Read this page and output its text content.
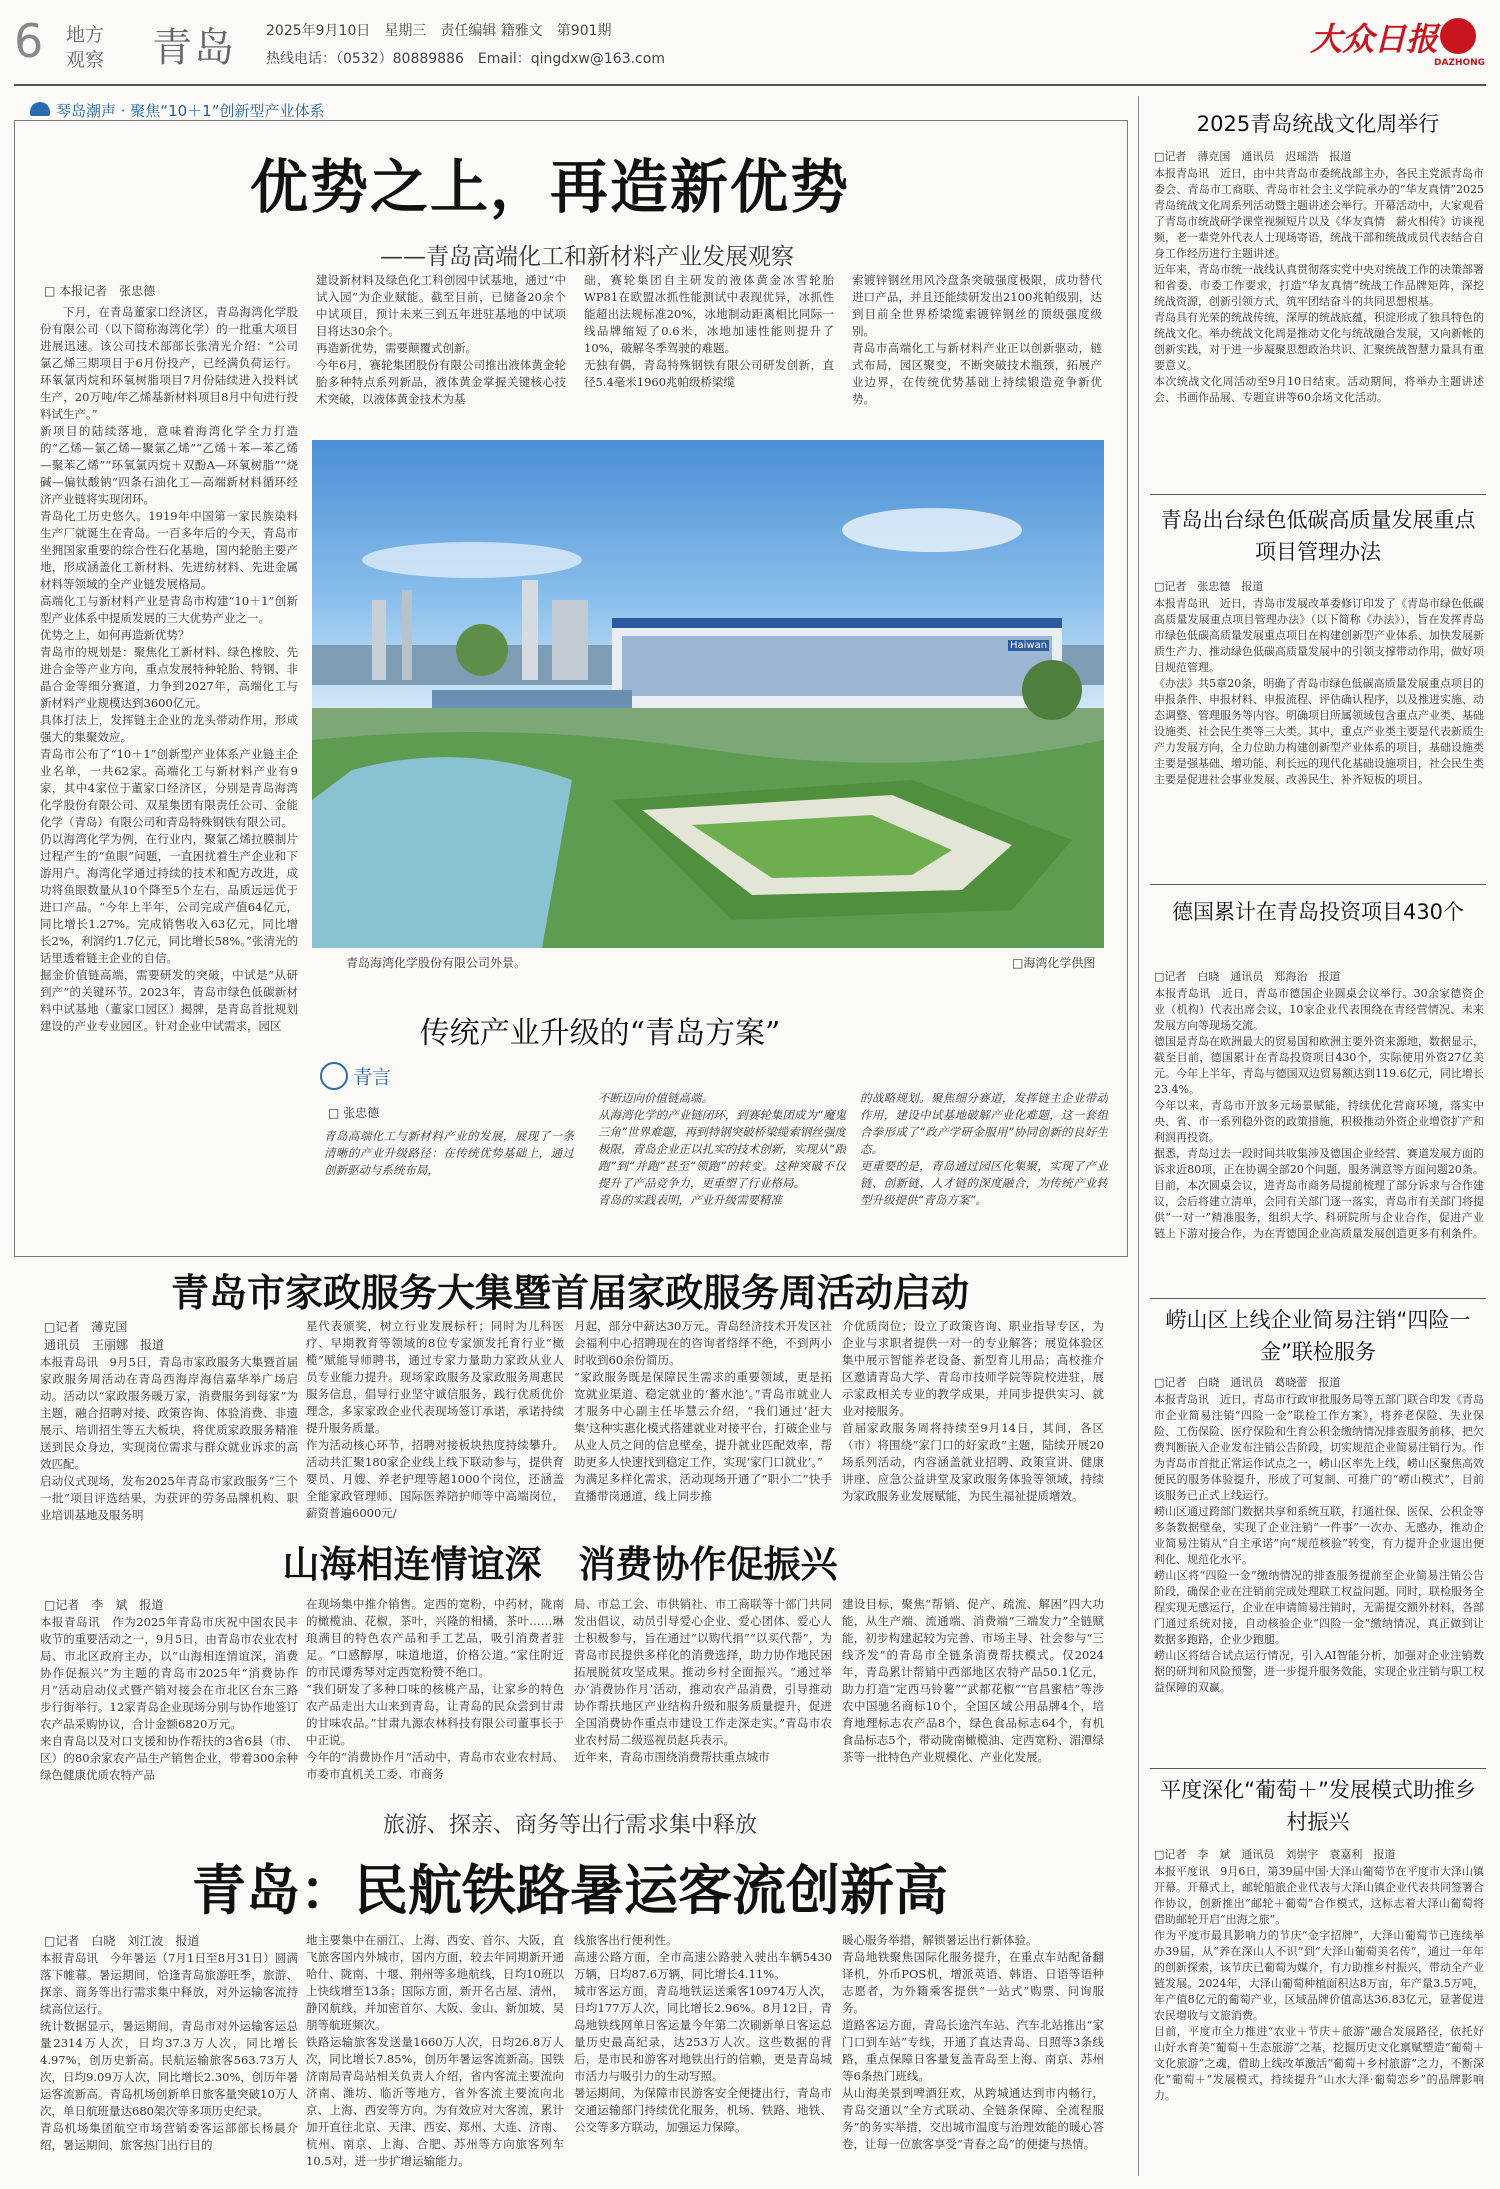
6 地方
观察 青岛 2025年9月10日　星期三　责任编辑 籍雅文　第901期
热线电话：（0532）80889886　Email：qingdxw@163.com
大众日报
DAZHONG
琴岛潮声 · 聚焦“10＋1”创新型产业体系
优势之上，再造新优势
——青岛高端化工和新材料产业发展观察
□ 本报记者　张忠德
下月，在青岛董家口经济区，青岛海湾化学股份有限公司（以下简称海湾化学）的一批重大项目进展迅速。该公司技术部部长张清光介绍：“公司氯乙烯三期项目于6月份投产，已经满负荷运行。环氧氯丙烷和环氧树脂项目7月份陆续进入投料试生产，20万吨/年乙烯基新材料项目8月中旬进行投料试生产。”
新项目的陆续落地，意味着海湾化学全力打造的“乙烯—氯乙烯—聚氯乙烯”“乙烯＋苯—苯乙烯—聚苯乙烯”“环氧氯丙烷＋双酚A—环氧树脂”“烧碱—偏钛酸钠”四条石油化工—高端新材料循环经济产业链将实现闭环。
青岛化工历史悠久。1919年中国第一家民族染料生产厂就诞生在青岛。一百多年后的今天，青岛市坐拥国家重要的综合性石化基地，国内轮胎主要产地，形成涵盖化工新材料、先进纺材料、先进金属材料等领域的全产业链发展格局。
高端化工与新材料产业是青岛市构建“10＋1”创新型产业体系中提质发展的三大优势产业之一。
优势之上，如何再造新优势？
青岛市的规划是：聚焦化工新材料、绿色橡胶、先进合金等产业方向，重点发展特种轮胎、特钢、非晶合金等细分赛道，力争到2027年，高端化工与新材料产业规模达到3600亿元。
具体打法上，发挥链主企业的龙头带动作用，形成强大的集聚效应。
青岛市公布了“10＋1”创新型产业体系产业链主企业名单，一共62家。高端化工与新材料产业有9家，其中4家位于董家口经济区，分别是青岛海湾化学股份有限公司、双星集团有限责任公司、金能化学（青岛）有限公司和青岛特殊钢铁有限公司。
仍以海湾化学为例，在行业内，聚氯乙烯拉膜制片过程产生的“鱼眼”问题，一直困扰着生产企业和下游用户。海湾化学通过持续的技术和配方改进，成功将鱼眼数量从10个降至5个左右，品质远远优于进口产品。“今年上半年，公司完成产值64亿元，同比增长1.27%。完成销售收入63亿元，同比增长2%，利润约1.7亿元，同比增长58%。”张清光的话里透着链主企业的自信。
掘金价值链高端，需要研发的突破，中试是“从研到产”的关键环节。2023年，青岛市绿色低碳新材料中试基地（董家口园区）揭牌，是青岛首批规划建设的产业专业园区。针对企业中试需求，园区
建设新材料及绿色化工科创园中试基地，通过“中试入园”为企业赋能。截至目前，已储备20余个中试项目，预计未来三到五年进驻基地的中试项目将达30余个。
再造新优势，需要颠覆式创新。
今年6月，赛轮集团股份有限公司推出液体黄金轮胎多种特点系列新品，液体黄金掌握关键核心技术突破，以液体黄金技术为基
础，赛轮集团自主研发的液体黄金冰雪轮胎WP81在欧盟冰抓性能测试中表现优异，冰抓性能超出法规标准20%，冰地制动距离相比同际一线品牌缩短了0.6米，冰地加速性能则提升了10%，破解冬季驾驶的难题。
无独有偶，青岛特殊钢铁有限公司研发创新，直径5.4毫米1960兆帕级桥梁缆
索镀锌钢丝用风冷盘条突破强度极限，成功替代进口产品，并且还能续研发出2100兆帕级别，达到目前全世界桥梁缆索镀锌钢丝的顶级强度级别。
青岛市高端化工与新材料产业正以创新驱动，链式布局，园区聚变，不断突破技术瓶颈，拓展产业边界，在传统优势基础上持续锻造竞争新优势。
Haiwan
青岛海湾化学股份有限公司外景。	□海湾化学供图
传统产业升级的“青岛方案”
青言
□ 张忠德
青岛高端化工与新材料产业的发展，展现了一条清晰的产业升级路径：在传统优势基础上，通过创新驱动与系统布局，
不断迈向价值链高端。
从海湾化学的产业链闭环，到赛轮集团成为“魔鬼三角”世界难题，再到特钢突破桥梁缆索钢丝强度极限，青岛企业正以扎实的技术创新，实现从“跟跑”到“并跑”甚至“领跑”的转变。这种突破不仅提升了产品竞争力，更重塑了行业格局。
青岛的实践表明，产业升级需要精准
的战略规划。聚焦细分赛道，发挥链主企业带动作用，建设中试基地破解产业化难题，这一套组合拳形成了“政产学研金服用”协同创新的良好生态。
更重要的是，青岛通过园区化集聚，实现了产业链、创新链、人才链的深度融合，为传统产业转型升级提供“青岛方案”。
青岛市家政服务大集暨首届家政服务周活动启动
□记者　薄克国
通讯员　王丽娜　报道
本报青岛讯　9月5日，青岛市家政服务大集暨首届家政服务周活动在青岛西海岸海信嘉华举广场启动。活动以“家政服务暖万家，消费服务到每家”为主题，融合招聘对接、政策咨询、体验消费、非遗展示、培训招生等五大板块，将优质家政服务精准送到民众身边，实现岗位需求与群众就业诉求的高效匹配。
启动仪式现场，发布2025年青岛市家政服务“三个一批”项目评选结果，为获评的劳务品牌机构、职业培训基地及服务明
星代表颁奖，树立行业发展标杆；同时为儿科医疗、早期教育等领域的8位专家颁发托育行业“橄榄”赋能导师聘书，通过专家力量助力家政从业人员专业能力提升。现场家政服务及家政服务周惠民服务信息，倡导行业坚守诚信服务，践行优质优价理念，多家家政企业代表现场签订承诺，承诺持续提升服务质量。
作为活动核心环节，招聘对接板块热度持续攀升。活动共汇聚180家企业线上线下联动参与，提供育婴员、月嫂、养老护理等超1000个岗位，还涵盖全能家政管理师、国际医养陪护师等中高端岗位，薪资普遍6000元/
月起，部分中薪达30万元。青岛经济技术开发区社会福利中心招聘现在的咨询者络绎不绝，不到两小时收到60余份简历。
“家政服务既是保障民生需求的重要领域，更是拓宽就业渠道、稳定就业的‘蓄水池’。”青岛市就业人才服务中心副主任毕慧云介绍，“我们通过‘赶大集’这种实惠化模式搭建就业对接平台，打破企业与从业人员之间的信息壁垒，提升就业匹配效率，帮助更多人快速找到稳定工作，实现‘家门口就业’。”
为满足多样化需求，活动现场开通了“职小二”快手直播带岗通道，线上同步推
介优质岗位；设立了政策咨询、职业指导专区，为企业与求职者提供一对一的专业解答；展览体验区集中展示智能养老设备、新型育儿用品；高校推介区邀请青岛大学、青岛市技师学院等院校进驻，展示家政相关专业的教学成果，并同步提供实习、就业对接服务。
首届家政服务周将持续至9月14日，其间，各区（市）将围绕“家门口的好家政”主题，陆续开展20场系列活动，内容涵盖就业招聘、政策宣讲、健康讲座、应急公益讲堂及家政服务体验等领域，持续为家政服务业发展赋能，为民生福祉提质增效。
山海相连情谊深　消费协作促振兴
□记者　李　斌　报道
本报青岛讯　作为2025年青岛市庆祝中国农民丰收节的重要活动之一，9月5日，由青岛市农业农村局、市北区政府主办，以“山海相连情谊深，消费协作促振兴”为主题的青岛市2025年“消费协作月”活动启动仪式暨产销对接会在市北区台东三路步行街举行。12家青岛企业现场分别与协作地签订农产品采购协议，合计金额6820万元。
来自青岛以及对口支援和协作帮扶的3省6县（市、区）的80余家农产品生产销售企业，带着300余种绿色健康优质农特产品
在现场集中推介销售。定西的宽粉，中药材，陇南的橄榄油、花椒，茶叶，兴隆的相橘，茶叶……琳琅满目的特色农产品和手工艺品，吸引消费者驻足。“口感醇厚，味道地道，价格公道。”家住附近的市民谭秀琴对定西宽粉赞不绝口。
“我们研发了多种口味的核桃产品，让家乡的特色农产品走出大山来到青岛，让青岛的民众尝到甘肃的甘味农品。”甘肃九源农林科技有限公司董事长于中正说。
今年的“消费协作月”活动中，青岛市农业农村局、市委市直机关工委、市商务
局、市总工会、市供销社、市工商联等十部门共同发出倡议，动员引导爱心企业、爱心团体、爱心人士积极参与，旨在通过“以购代捐”“以买代帮”，为青岛市民提供多样化的消费选择，助力协作地民困拓展脱贫攻坚成果。推动乡村全面振兴。“通过举办‘消费协作月’活动，推动农产品消费，引导推动协作帮扶地区产业结构升级和服务质量提升，促进全国消费协作重点市建设工作走深走实。”青岛市农业农村局二级巡视员赵兵表示。
近年来，青岛市围绕消费帮扶重点城市
建设目标，聚焦“帮销、促产、疏流、解困”四大功能，从生产端、流通端、消费端“三端发力”全链赋能，初步构建起较为完善、市场主导、社会参与“三线齐发”的青岛市全链条消费帮扶模式。仅2024年，青岛累计帮销中西部地区农特产品50.1亿元，助力打造“定西马铃薯”“武都花椒”“官昌蜜桔”等涉农中国驰名商标10个，全国区域公用品牌4个，培育地理标志农产品8个，绿色食品标志64个，有机食品标志5个，带动陇南橄榄油、定西宽粉、湄潭绿茶等一批特色产业规模化、产业化发展。
旅游、探亲、商务等出行需求集中释放
青岛：民航铁路暑运客流创新高
□记者　白晓　刘江波　报道
本报青岛讯　今年暑运（7月1日至8月31日）圆满落下帷幕。暑运期间，恰逢青岛旅游旺季，旅游、探亲、商务等出行需求集中释放，对外运输客流持续高位运行。
统计数据显示，暑运期间，青岛市对外运输客运总量2314万人次，日均37.3万人次，同比增长4.97%，创历史新高。民航运输旅客563.73万人次，日均9.09万人次，同比增长2.30%，创历年暑运客流新高。青岛机场创新单日旅客量突破10万人次，单日航班量达680架次等多项历史纪录。
青岛机场集团航空市场营销委客运部部长杨晨介绍，暑运期间，旅客热门出行目的
地主要集中在丽江、上海、西安、首尔、大阪，直飞旅客国内外城市，国内方面，较去年同期新开通哈什、陇南、十堰、荆州等多地航线，日均10班以上快线增至13条；国际方面，新开名古屋、清州，静冈航线，并加密首尔、大阪、金山、新加坡、吴朋等航班频次。
铁路运输旅客发送量1660万人次，日均26.8万人次，同比增长7.85%，创历年暑运客流新高。国铁济南局青岛站相关负责人介绍，省内客流主要流向济南、潍坊、临沂等地方，省外客流主要流向北京、上海、西安等方向。为有效应对大客流，累计加开直往北京、天津、西安、郑州、大连、济南、杭州、南京、上海、合肥、苏州等方向旅客列车10.5对，进一步扩增运输能力。
线旅客出行便利性。
高速公路方面，全市高速公路驶入驶出车辆5430万辆，日均87.6万辆，同比增长4.11%。
城市客运方面，青岛地铁运送乘客10974万人次，日均177万人次，同比增长2.96%。8月12日，青岛地铁线网单日客运量今年第二次刷新单日客运总量历史最高纪录，达253万人次。这些数据的背后，是市民和游客对地铁出行的信赖，更是青岛城市活力与吸引力的生动写照。
暑运期间，为保障市民游客安全便捷出行，青岛市交通运输部门持续优化服务，机场、铁路、地铁、公交等多方联动，加强运力保障。
暖心服务举措，解锁暑运出行新体验。
青岛地铁聚焦国际化服务提升，在重点车站配备翻译机，外币POS机，增派英语、韩语、日语等语种志愿者，为外籍乘客提供“一站式”购票、问询服务。
道路客运方面，青岛长途汽车站、汽车北站推出“家门口到车站”专线，开通了直达青岛、日照等3条线路，重点保障日客量复盖青岛至上海、南京、苏州等6条热门班线。
从山海美景到啤酒狂欢，从跨城通达到市内畅行，青岛交通以“全方式联动、全链条保障、全流程服务”的务实举措，交出城市温度与治理效能的暖心答卷，让每一位旅客享受“青春之岛”的便捷与热情。
2025青岛统战文化周举行
□记者　薄克国　通讯员　迟瑶浩　报道
本报青岛讯　近日，由中共青岛市委统战部主办，各民主党派青岛市委会、青岛市工商联、青岛市社会主义学院承办的“华友真情”2025青岛统战文化周系列活动暨主题讲述会举行。开幕活动中，大家观看了青岛市统战研学课堂视频短片以及《华友真情　薪火相传》访谈视频，老一辈党外代表人士现场寄语，统战干部和统战成员代表结合自身工作经历进行主题讲述。
近年来，青岛市统一战线认真贯彻落实党中央对统战工作的决策部署和省委、市委工作要求，打造“华友真情”统战工作品牌矩阵，深挖统战资源，创新引领方式，筑牢团结奋斗的共同思想根基。
青岛具有光荣的统战传统，深厚的统战底蕴，积淀形成了独具特色的统战文化。举办统战文化周是推动文化与统战融合发展，又向新帐的创新实践，对于进一步凝聚思想政治共识、汇聚统战智慧力量具有重要意义。
本次统战文化周活动至9月10日结束。活动期间，将举办主题讲述会、书画作品展、专题宣讲等60余场文化活动。
青岛出台绿色低碳高质量发展重点项目管理办法
□记者　张忠德　报道
本报青岛讯　近日，青岛市发展改革委修订印发了《青岛市绿色低碳高质量发展重点项目管理办法》（以下简称《办法》），旨在发挥青岛市绿色低碳高质量发展重点项目在构建创新型产业体系、加快发展新质生产力、推动绿色低碳高质量发展中的引领支撑带动作用，做好项目规范管理。
《办法》共5章20条，明确了青岛市绿色低碳高质量发展重点项目的申报条件、申报材料、申报流程、评估确认程序，以及推进实施、动态调整、管理服务等内容。明确项目所属领域包含重点产业类、基础设施类、社会民生类等三大类。其中，重点产业类主要是代表新质生产力发展方向，全力位助力构建创新型产业体系的项目，基础设施类主要是强基础、增功能、利长远的现代化基础设施项目，社会民生类主要是促进社会事业发展、改善民生、补齐短板的项目。
德国累计在青岛投资项目430个
□记者　白晓　通讯员　郑海治　报道
本报青岛讯　近日，青岛市德国企业圆桌会议举行。30余家德资企业（机构）代表出席会议，10家企业代表围绕在青经营情况、未来发展方向等现场交流。
德国是青岛在欧洲最大的贸易国和欧洲主要外资来源地，数据显示，截至目前，德国累计在青岛投资项目430个，实际使用外资27亿美元。今年上半年，青岛与德国双边贸易额达到119.6亿元，同比增长23.4%。
今年以来，青岛市开放多元场景赋能，持续优化营商环境，落实中央、省、市一系列稳外资的政策措施，积极推动外资企业增资扩产和利润再投资。
据悉，青岛过去一段时间共收集涉及德国企业经营、赛道发展方面的诉求近80项，正在协调全部20个问题，服务满意等方面问题20条。目前，本次圆桌会议，进青岛市商务局提前梳理了部分诉求与合作建议，会后将建立清单，会同有关部门逐一落实，青岛市有关部门将提供“一对一”精准服务，组织大学、科研院所与企业合作，促进产业链上下游对接合作，为在青德国企业高质量发展创造更多有利条件。
崂山区上线企业简易注销“四险一金”联检服务
□记者　白晓　通讯员　葛晓蕾　报道
本报青岛讯　近日，青岛市行政审批服务局等五部门联合印发《青岛市企业简易注销“四险一金”联检工作方案》，将养老保险、失业保险、工伤保险、医疗保险和生育公积金缴纳情况排查服务前移，把欠费判断嵌入企业发布注销公告阶段，切实规范企业简易注销行为。作为青岛市首批正常运作试点之一，崂山区率先上线，崂山区聚焦高效便民的服务体验提升，形成了可复制、可推广的“崂山模式”，目前该服务已正式上线运行。
崂山区通过跨部门数据共享和系统互联，打通社保、医保、公积金等多条数据壁垒，实现了企业注销“一件事”一次办、无感办，推动企业简易注销从“自主承诺”向“规范核验”转变，有力提升企业退出便利化、规范化水平。
崂山区将“四险一金”缴纳情况的排查服务提前至企业简易注销公告阶段，确保企业在注销前完成处理联工权益问题。同时，联检服务全程实现无感运行，企业在申请简易注销时，无需提交额外材料，各部门通过系统对接，自动核验企业“四险一金”缴纳情况，真正做到让数据多跑路，企业少跑腿。
崂山区将结合试点运行情况，引入AI智能分析，加强对企业注销数据的研判和风险预警，进一步提升服务效能，实现企业注销与职工权益保障的双赢。
平度深化“葡萄＋”发展模式助推乡村振兴
□记者　李　斌　通讯员　刘崇宇　袁嘉利　报道
本报平度讯　9月6日，第39届中国·大泽山葡萄节在平度市大泽山镇开幕。开幕式上，邮轮船旅企业代表与大泽山镇企业代表共同签署合作协议，创新推出“邮轮＋葡萄”合作模式，这标志着大泽山葡萄将借助邮轮开启“出海之旅”。
作为平度市最具影响力的节庆“金字招牌”，大泽山葡萄节已连续举办39届，从“养在深山人不识”到“大泽山葡萄美名传”，通过一年年的创新探索，该节庆已葡萄为媒介，有力助推乡村振兴，带动全产业链发展。2024年，大泽山葡萄种植面积达8万亩，年产量3.5万吨，年产值8亿元的葡萄产业，区域品牌价值高达36.83亿元，显著促进农民增收与文旅消费。
目前，平度市全力推进“农业＋节庆＋旅游”融合发展路径，依托好山好水育美“葡萄＋生态旅游”之基，挖掘历史文化禀赋塑造“葡萄＋文化旅游”之魂，借助上线改革激活“葡萄＋乡村旅游”之力，不断深化“葡萄＋”发展模式，持续提升“山水大泽·葡萄恋乡”的品牌影响力。
